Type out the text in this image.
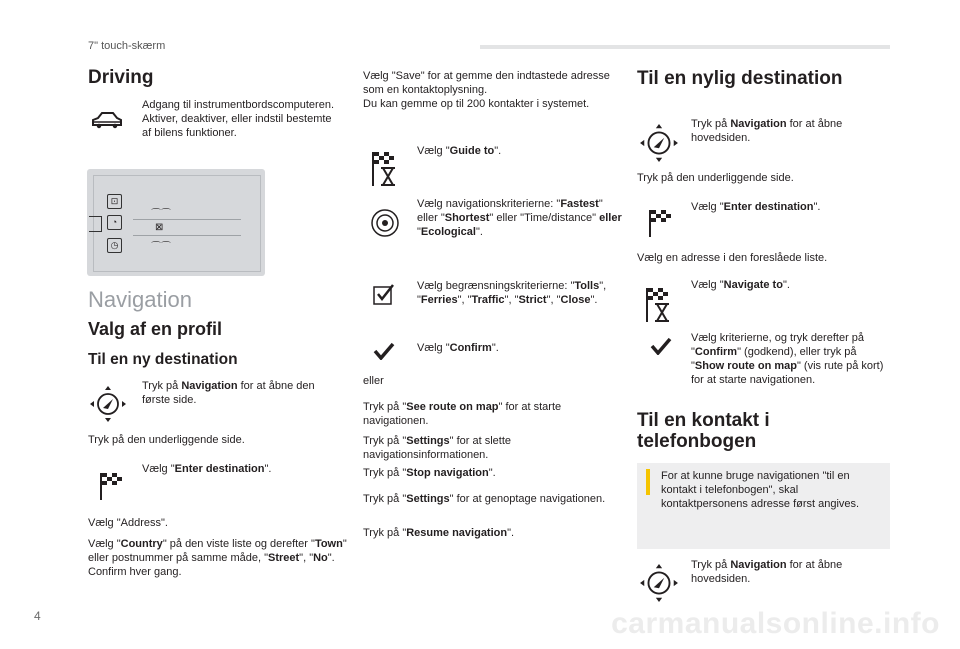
7" touch-skærm
Driving
Adgang til instrumentbordscomputeren. Aktiver, deaktiver, eller indstil bestemte af bilens funktioner.
⊡
◔
◷
⌒⌒
⊠
⌒⌒
Navigation
Valg af en profil
Til en ny destination
Tryk på Navigation for at åbne den første side.
Tryk på den underliggende side.
Vælg "Enter destination".
Vælg "Address".
Vælg "Country" på den viste liste og derefter "Town" eller postnummer på samme måde, "Street", "No".
Confirm hver gang.
Vælg "Save" for at gemme den indtastede adresse som en kontaktoplysning.
Du kan gemme op til 200 kontakter i systemet.
Vælg "Guide to".
Vælg navigationskriterierne: "Fastest" eller "Shortest" eller "Time/distance" eller "Ecological".
Vælg begrænsningskriterierne: "Tolls", "Ferries", "Traffic", "Strict", "Close".
Vælg "Confirm".
eller
Tryk på "See route on map" for at starte navigationen.
Tryk på "Settings" for at slette navigationsinformationen.
Tryk på "Stop navigation".
Tryk på "Settings" for at genoptage navigationen.
Tryk på "Resume navigation".
Til en nylig destination
Tryk på Navigation for at åbne hovedsiden.
Tryk på den underliggende side.
Vælg "Enter destination".
Vælg en adresse i den foreslåede liste.
Vælg "Navigate to".
Vælg kriterierne, og tryk derefter på "Confirm" (godkend), eller tryk på "Show route on map" (vis rute på kort) for at starte navigationen.
Til en kontakt i telefonbogen
For at kunne bruge navigationen "til en kontakt i telefonbogen", skal kontaktpersonens adresse først angives.
Tryk på Navigation for at åbne hovedsiden.
4	carmanualsonline.info
